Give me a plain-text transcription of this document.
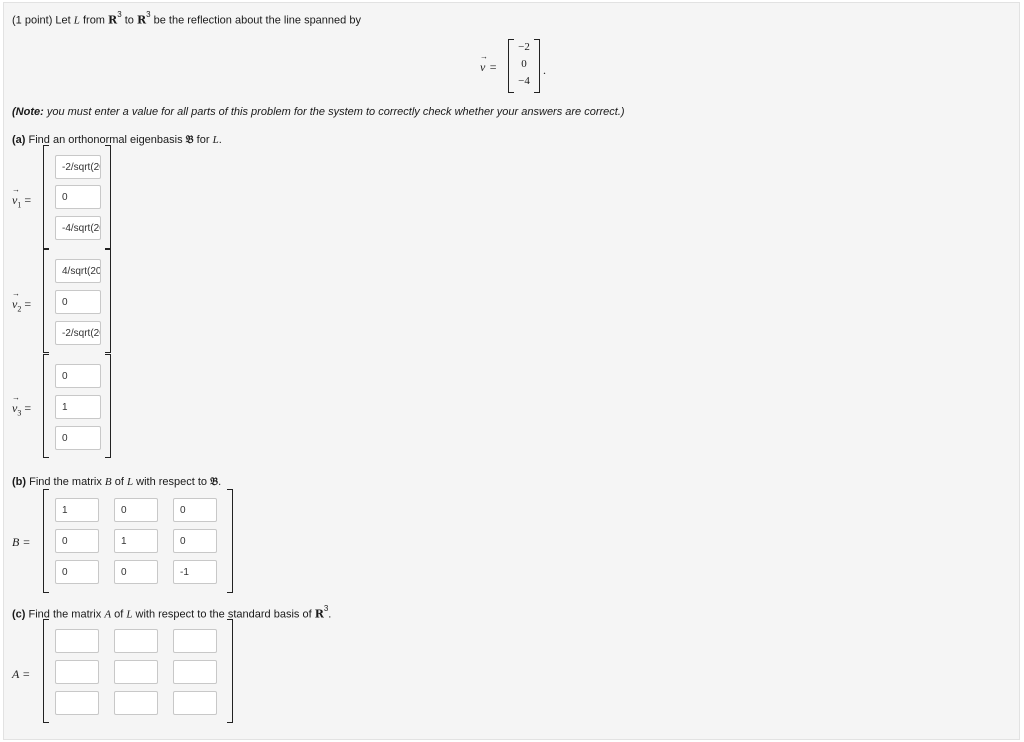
(1 point) Let L from $R^3$ to $R^3$ be the reflection about the line spanned by
→ v =
−2
0
−4
.
(Note: you must enter a value for all parts of this problem for the system to correctly check whether your answers are correct.)
(a) Find an orthonormal eigenbasis 𝔅 for L.
→ $v_1$ =
-2/sqrt(20)
0
-4/sqrt(20)
→ $v_2$ =
4/sqrt(20)
0
-2/sqrt(20)
→ $v_3$ =
0
1
0
(b) Find the matrix B of L with respect to 𝔅.
B =
1
0
0
0
1
0
0
0
-1
(c) Find the matrix A of L with respect to the standard basis of $R^3$.
A =
